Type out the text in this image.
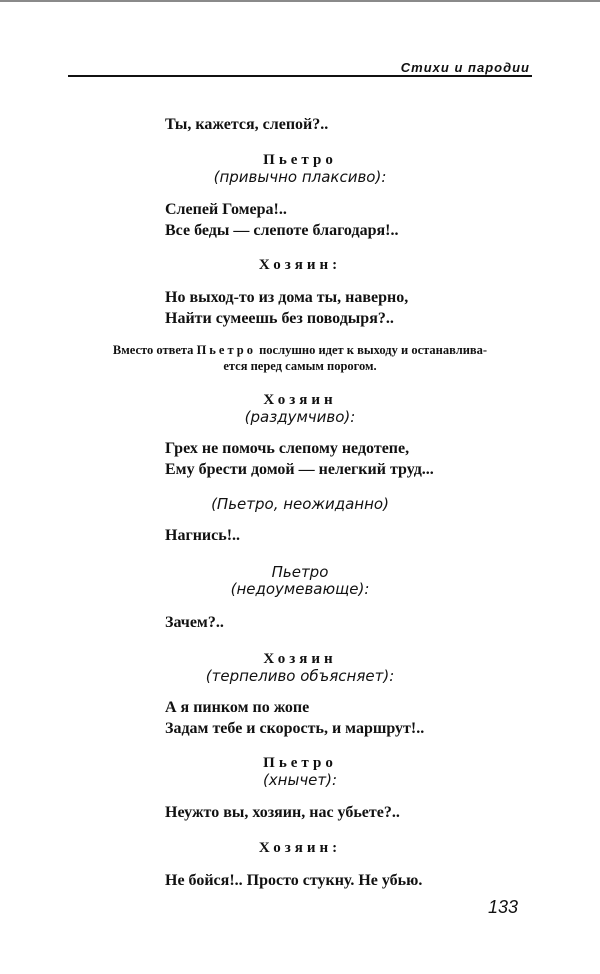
Стихи и пародии
Ты, кажется, слепой?..
Пьетро
(привычно плаксиво):
Слепей Гомера!..
Все беды — слепоте благодаря!..
Хозяин:
Но выход-то из дома ты, наверно,
Найти сумеешь без поводыря?..
Вместо ответа Пьетро послушно идет к выходу и останавлива-
ется перед самым порогом.
Хозяин
(раздумчиво):
Грех не помочь слепому недотепе,
Ему брести домой — нелегкий труд...
(Пьетро, неожиданно)
Нагнись!..
Пьетро
(недоумевающе):
Зачем?..
Хозяин
(терпеливо объясняет):
А я пинком по жопе
Задам тебе и скорость, и маршрут!..
Пьетро
(хнычет):
Неужто вы, хозяин, нас убьете?..
Хозяин:
Не бойся!.. Просто стукну. Не убью.
133
